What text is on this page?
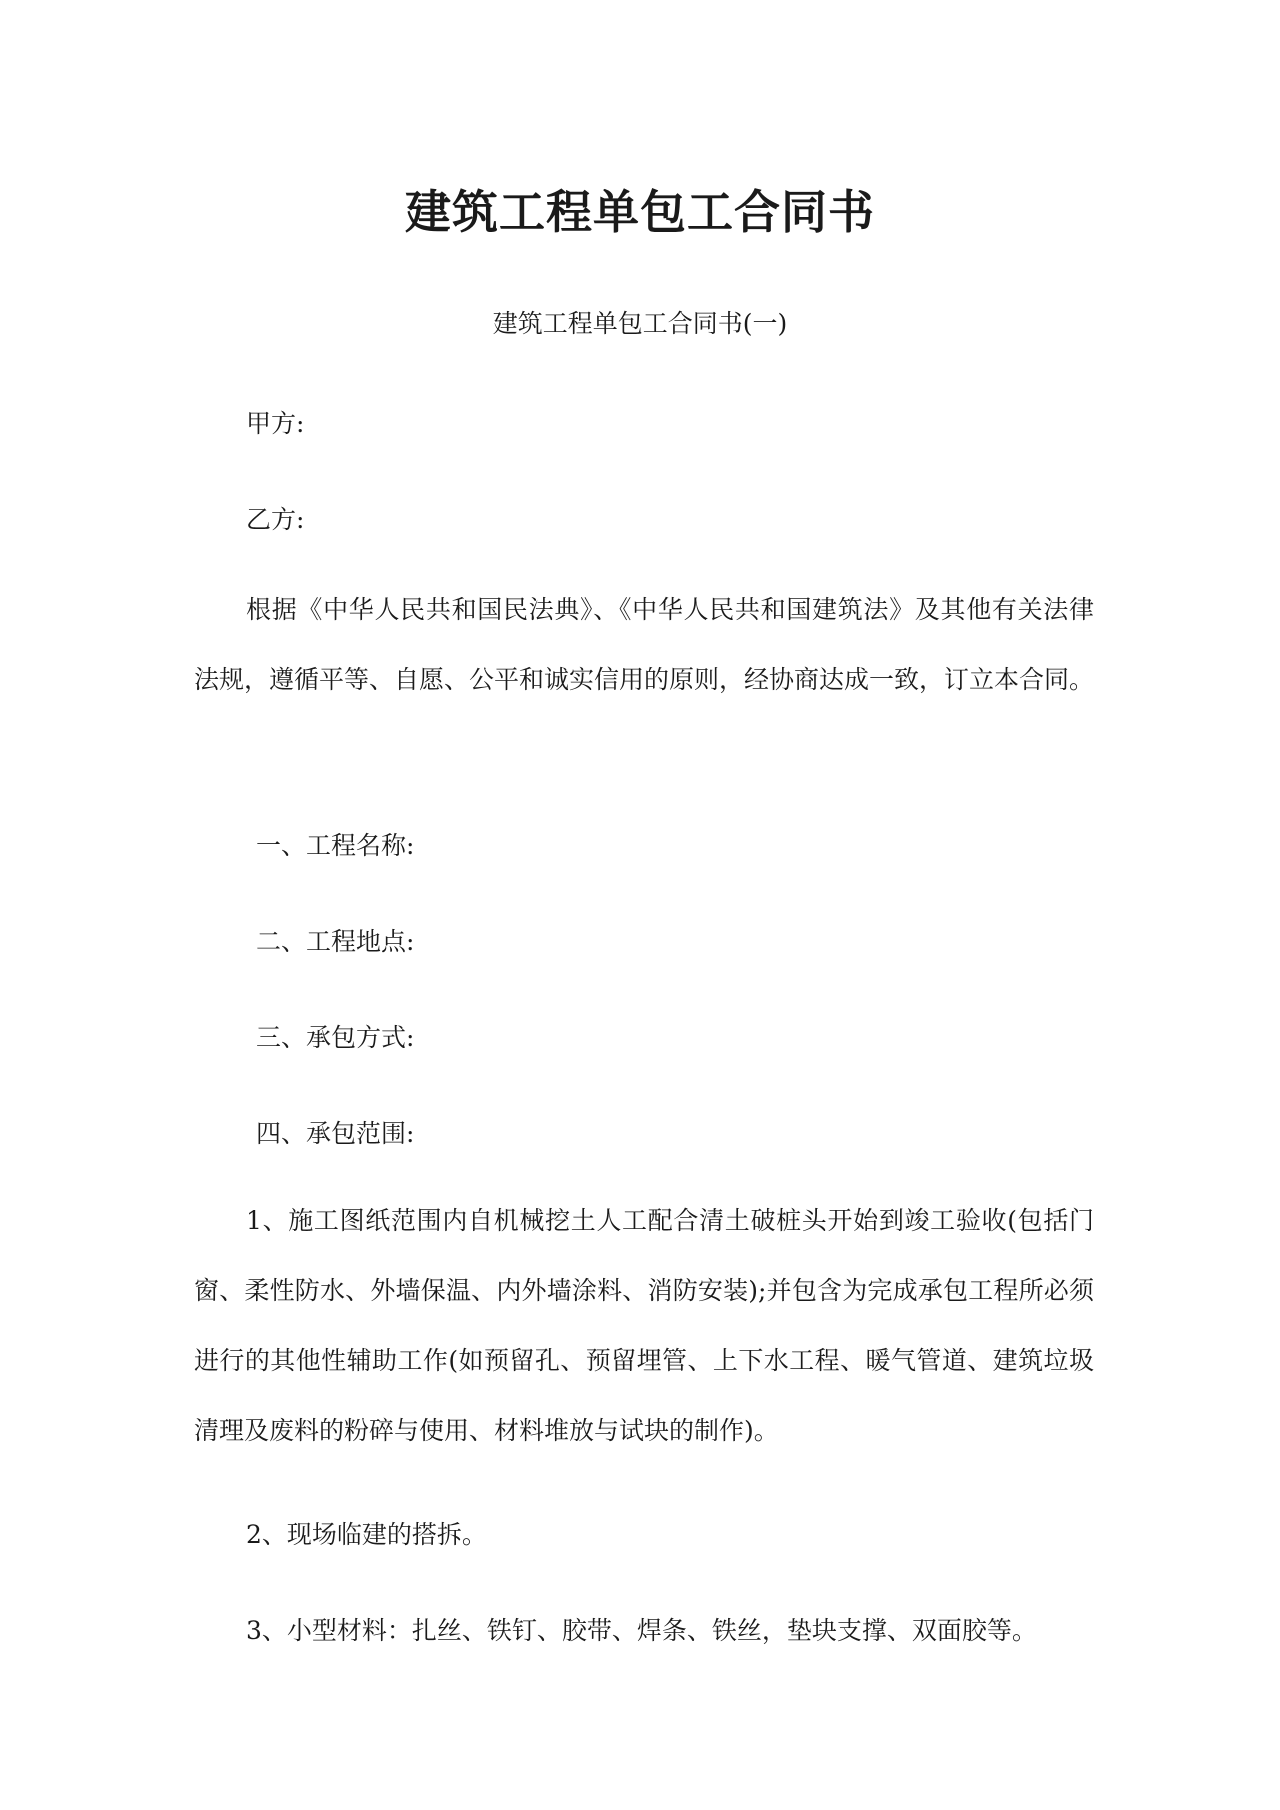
建筑工程单包工合同书
建筑工程单包工合同书(一)
甲方:
乙方:
根据《中华人民共和国民法典》、《中华人民共和国建筑法》及其他有关法律法规，遵循平等、自愿、公平和诚实信用的原则，经协商达成一致，订立本合同。
一、工程名称:
二、工程地点:
三、承包方式:
四、承包范围:
1、施工图纸范围内自机械挖土人工配合清土破桩头开始到竣工验收(包括门窗、柔性防水、外墙保温、内外墙涂料、消防安装);并包含为完成承包工程所必须进行的其他性辅助工作(如预留孔、预留埋管、上下水工程、暖气管道、建筑垃圾清理及废料的粉碎与使用、材料堆放与试块的制作)。
2、现场临建的搭拆。
3、小型材料：扎丝、铁钉、胶带、焊条、铁丝，垫块支撑、双面胶等。
